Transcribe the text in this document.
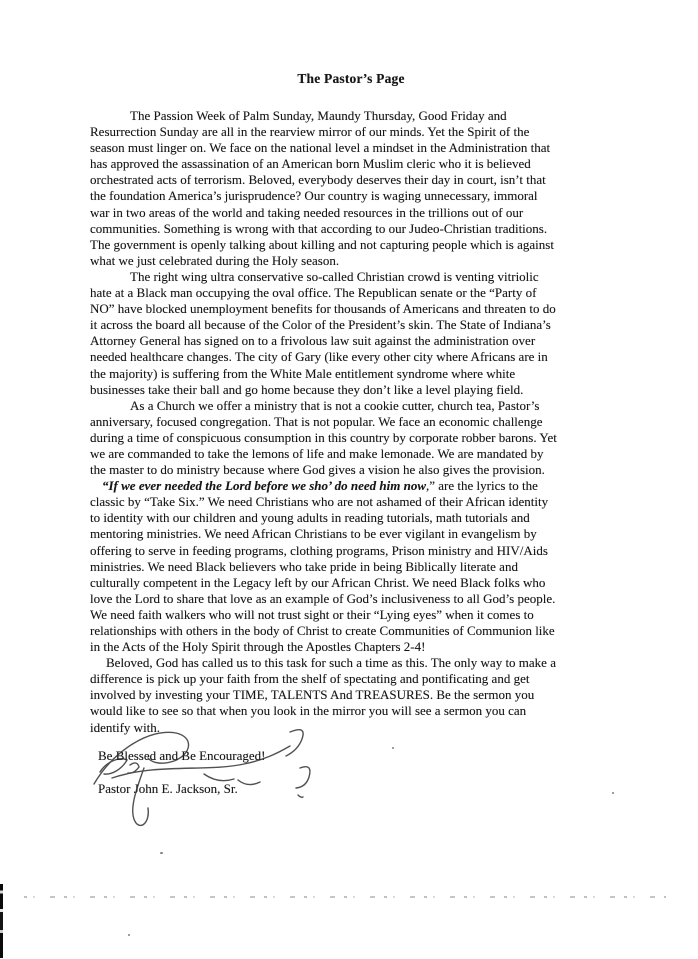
The Pastor’s Page
The Passion Week of Palm Sunday, Maundy Thursday, Good Friday and
Resurrection Sunday are all in the rearview mirror of our minds. Yet the Spirit of the
season must linger on. We face on the national level a mindset in the Administration that
has approved the assassination of an American born Muslim cleric who it is believed
orchestrated acts of terrorism. Beloved, everybody deserves their day in court, isn’t that
the foundation America’s jurisprudence? Our country is waging unnecessary, immoral
war in two areas of the world and taking needed resources in the trillions out of our
communities. Something is wrong with that according to our Judeo-Christian traditions.
The government is openly talking about killing and not capturing people which is against
what we just celebrated during the Holy season.
The right wing ultra conservative so-called Christian crowd is venting vitriolic
hate at a Black man occupying the oval office. The Republican senate or the “Party of
NO” have blocked unemployment benefits for thousands of Americans and threaten to do
it across the board all because of the Color of the President’s skin. The State of Indiana’s
Attorney General has signed on to a frivolous law suit against the administration over
needed healthcare changes. The city of Gary (like every other city where Africans are in
the majority) is suffering from the White Male entitlement syndrome where white
businesses take their ball and go home because they don’t like a level playing field.
As a Church we offer a ministry that is not a cookie cutter, church tea, Pastor’s
anniversary, focused congregation. That is not popular. We face an economic challenge
during a time of conspicuous consumption in this country by corporate robber barons. Yet
we are commanded to take the lemons of life and make lemonade. We are mandated by
the master to do ministry because where God gives a vision he also gives the provision.
“If we ever needed the Lord before we sho’ do need him now,” are the lyrics to the
classic by “Take Six.” We need Christians who are not ashamed of their African identity
to identity with our children and young adults in reading tutorials, math tutorials and
mentoring ministries. We need African Christians to be ever vigilant in evangelism by
offering to serve in feeding programs, clothing programs, Prison ministry and HIV/Aids
ministries. We need Black believers who take pride in being Biblically literate and
culturally competent in the Legacy left by our African Christ. We need Black folks who
love the Lord to share that love as an example of God’s inclusiveness to all God’s people.
We need faith walkers who will not trust sight or their “Lying eyes” when it comes to
relationships with others in the body of Christ to create Communities of Communion like
in the Acts of the Holy Spirit through the Apostles Chapters 2-4!
Beloved, God has called us to this task for such a time as this. The only way to make a
difference is pick up your faith from the shelf of spectating and pontificating and get
involved by investing your TIME, TALENTS And TREASURES. Be the sermon you
would like to see so that when you look in the mirror you will see a sermon you can
identify with.
Be Blessed and Be Encouraged!
Pastor John E. Jackson, Sr.
